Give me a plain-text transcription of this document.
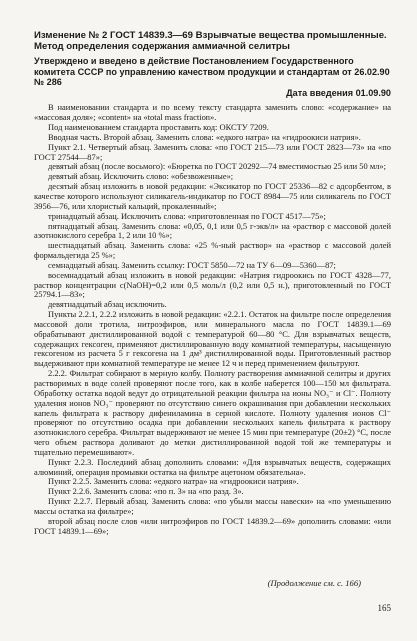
Изменение № 2 ГОСТ 14839.3—69 Взрывчатые вещества промышленные. Метод определения содержания аммиачной селитры

Утверждено и введено в действие Постановлением Государственного комитета СССР по управлению качеством продукции и стандартам от 26.02.90 № 286

Дата введения 01.09.90

В наименовании стандарта и по всему тексту стандарта заменить слово: «содержание» на «массовая доля»; «content» на «total mass fraction».

Под наименованием стандарта проставить код: ОКСТУ 7209.

Вводная часть. Второй абзац. Заменить слова: «едкого натра» на «гидроокиси натрия».

Пункт 2.1. Четвертый абзац. Заменить слова: «по ГОСТ 215—73 или ГОСТ 2823—73» на «по ГОСТ 27544—87»;

девятый абзац (после восьмого): «Бюретка по ГОСТ 20292—74 вместимостью 25 или 50 мл»;

девятый абзац. Исключить слово: «обезвоженные»;

десятый абзац изложить в новой редакции: «Эксикатор по ГОСТ 25336—82 с адсорбентом, в качестве которого используют силикагель-индикатор по ГОСТ 8984—75 или силикагель по ГОСТ 3956—76, или хлористый кальций, прокаленный»;

тринадцатый абзац. Исключить слова: «приготовленная по ГОСТ 4517—75»;

пятнадцатый абзац. Заменить слова: «0,05, 0,1 или 0,5 г-экв/л» на «раствор с массовой долей азотнокислого серебра 1, 2 или 10 %»;

шестнадцатый абзац. Заменить слова: «25 %-ный раствор» на «раствор с массовой долей формальдегида 25 %»;

семнадцатый абзац. Заменить ссылку: ГОСТ 5850—72 на ТУ 6—09—5360—87;

восемнадцатый абзац изложить в новой редакции: «Натрия гидроокись по ГОСТ 4328—77, раствор концентрации c(NaOH)=0,2 или 0,5 моль/л (0,2 или 0,5 н.), приготовленный по ГОСТ 25794.1—83»;

девятнадцатый абзац исключить.

Пункты 2.2.1, 2.2.2 изложить в новой редакции: «2.2.1. Остаток на фильтре после определения массовой доли тротила, нитроэфиров, или минерального масла по ГОСТ 14839.1—69 обрабатывают дистиллированной водой с температурой 60—80 °С. Для взрывчатых веществ, содержащих гексоген, применяют дистиллированную воду комнатной температуры, насыщенную гексогеном из расчета 5 г гексогена на 1 дм³ дистиллированной воды. Приготовленный раствор выдерживают при комнатной температуре не менее 12 ч и перед применением фильтруют.

2.2.2. Фильтрат собирают в мерную колбу. Полноту растворения аммиачной селитры и других растворимых в воде солей проверяют после того, как в колбе наберется 100—150 мл фильтрата. Обработку остатка водой ведут до отрицательной реакции фильтра на ионы NO₃⁻ и Cl⁻. Полноту удаления ионов NO₃⁻ проверяют по отсутствию синего окрашивания при добавлении нескольких капель фильтрата к раствору дифениламина в серной кислоте. Полноту удаления ионов Cl⁻ проверяют по отсутствию осадка при добавлении нескольких капель фильтрата к раствору азотнокислого серебра. Фильтрат выдерживают не менее 15 мин при температуре (20±2) °С, после чего объем раствора доливают до метки дистиллированной водой той же температуры и тщательно перемешивают».

Пункт 2.2.3. Последний абзац дополнить словами: «Для взрывчатых веществ, содержащих алюминий, операция промывки остатка на фильтре ацетоном обязательна».

Пункт 2.2.5. Заменить слова: «едкого натра» на «гидроокиси натрия».

Пункт 2.2.6. Заменить слова: «по п. 3» на «по разд. 3».

Пункт 2.2.7. Первый абзац. Заменить слова: «по убыли массы навески» на «по уменьшению массы остатка на фильтре»;

второй абзац после слов «или нитроэфиров по ГОСТ 14839.2—69» дополнить словами: «или ГОСТ 14839.1—69»;

(Продолжение см. с. 166)
165
